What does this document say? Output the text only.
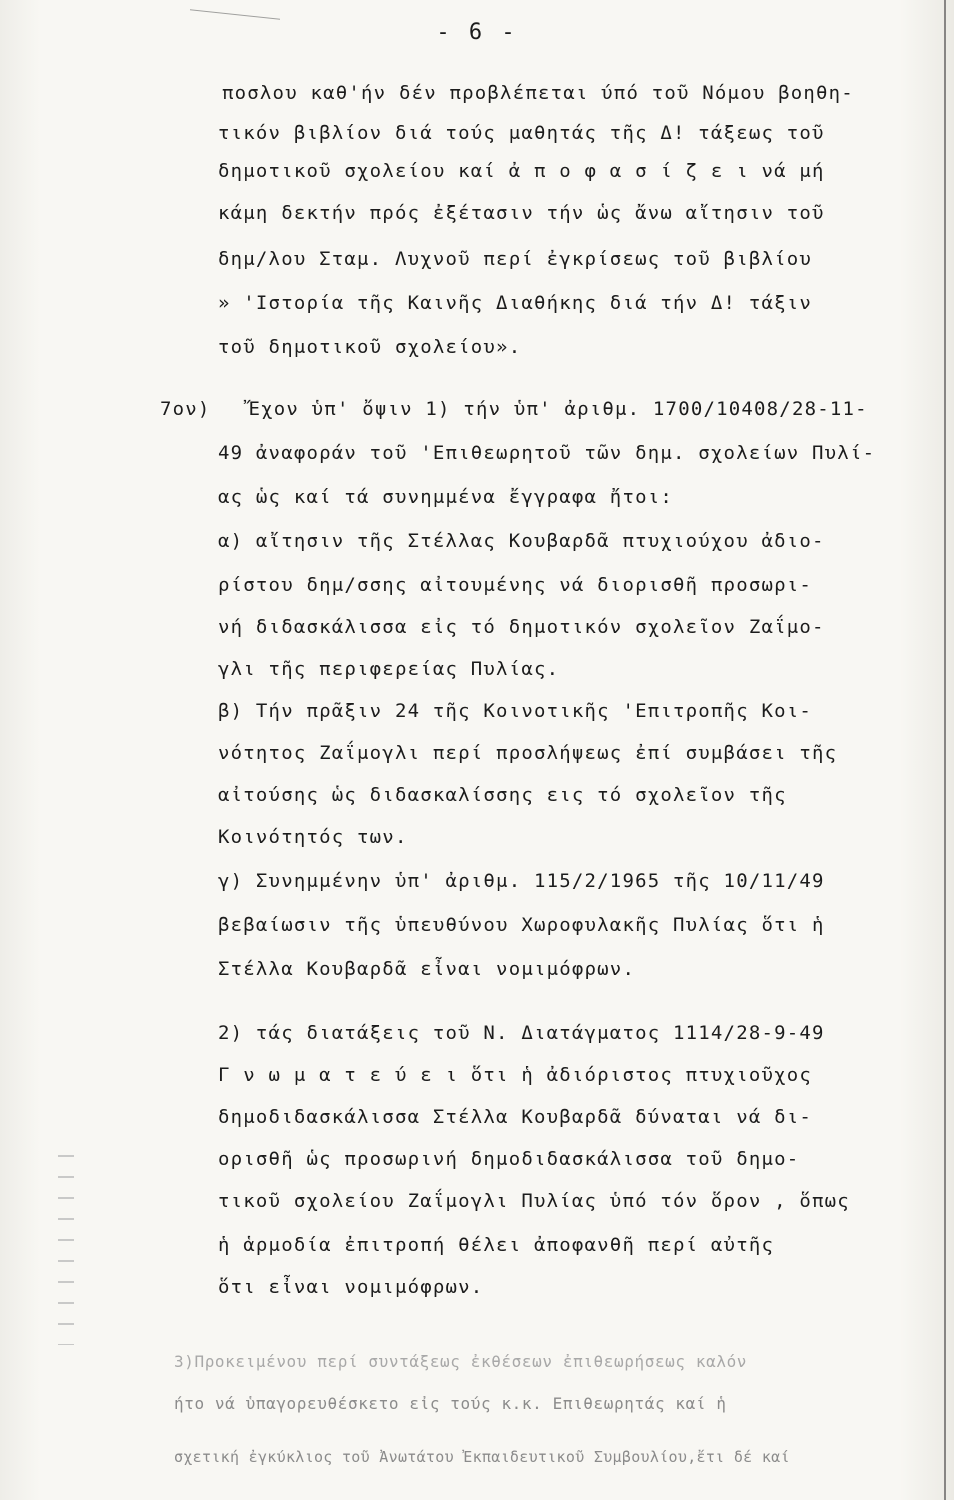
- 6 -
ποσλου καθ'ήν δέν προβλέπεται ύπό τοῦ Νόμου βοηθη-
τικόν βιβλίον διά τούς μαθητάς τῆς Δ! τάξεως τοῦ
δημοτικοῦ σχολείου καί ἀ π ο φ α σ ί ζ ε ι νά μή
κάμη δεκτήν πρός ἐξέτασιν τήν ὡς ἄνω αἴτησιν τοῦ
δημ/λου Σταμ. Λυχνοῦ περί ἐγκρίσεως τοῦ βιβλίου
» 'Ιστορία τῆς Καινῆς Διαθήκης διά τήν Δ! τάξιν
τοῦ δημοτικοῦ σχολείου».
7ον)   Ἔχον ὑπ' ὄψιν 1) τήν ὑπ' ἀριθμ. 1700/10408/28-11-
49 ἀναφοράν τοῦ 'Επιθεωρητοῦ τῶν δημ. σχολείων Πυλί-
ας ὡς καί τά συνημμένα ἔγγραφα ἤτοι:
α) αἴτησιν τῆς Στέλλας Κουβαρδᾶ πτυχιούχου ἀδιο-
ρίστου δημ/σσης αἰτουμένης νά διορισθῆ προσωρι-
νή διδασκάλισσα εἰς τό δημοτικόν σχολεῖον Ζαΐμο-
γλι τῆς περιφερείας Πυλίας.
β) Τήν πρᾶξιν 24 τῆς Κοινοτικῆς 'Επιτροπῆς Κοι-
νότητος Ζαΐμογλι περί προσλήψεως ἐπί συμβάσει τῆς
αἰτούσης ὡς διδασκαλίσσης εις τό σχολεῖον τῆς
Κοινότητός των.
γ) Συνημμένην ὑπ' ἀριθμ. 115/2/1965 τῆς 10/11/49
βεβαίωσιν τῆς ὑπευθύνου Χωροφυλακῆς Πυλίας ὅτι ἡ
Στέλλα Κουβαρδᾶ εἶναι νομιμόφρων.
2) τάς διατάξεις τοῦ Ν. Διατάγματος 1114/28-9-49
Γ ν ω μ α τ ε ύ ε ι ὅτι ἡ ἀδιόριστος πτυχιοῦχος
δημοδιδασκάλισσα Στέλλα Κουβαρδᾶ δύναται νά δι-
ορισθῆ ὡς προσωρινή δημοδιδασκάλισσα τοῦ δημο-
τικοῦ σχολείου Ζαΐμογλι Πυλίας ὑπό τόν ὅρον , ὅπως
ἡ ἁρμοδία ἐπιτροπή θέλει ἀποφανθῆ περί αὐτῆς
ὅτι εἶναι νομιμόφρων.
3)Προκειμένου περί συντάξεως ἐκθέσεων ἐπιθεωρήσεως καλόν
ήτο νά ὑπαγορευθέσκετο εἰς τούς κ.κ. Επιθεωρητάς καί ἡ
σχετική ἐγκύκλιος τοῦ Ἀνωτάτου Ἐκπαιδευτικοῦ Συμβουλίου,ἔτι δέ καί
